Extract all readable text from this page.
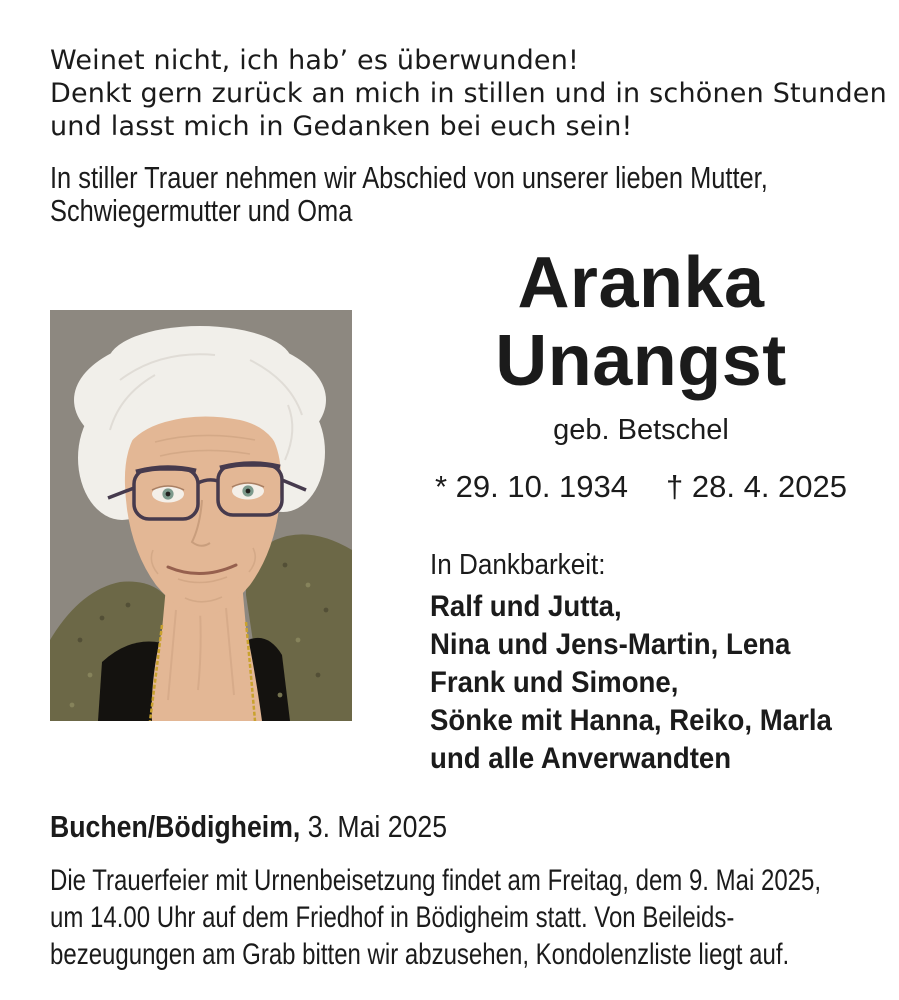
Weinet nicht, ich hab’ es überwunden!
Denkt gern zurück an mich in stillen und in schönen Stunden
und lasst mich in Gedanken bei euch sein!
In stiller Trauer nehmen wir Abschied von unserer lieben Mutter,
Schwiegermutter und Oma
Aranka
Unangst
geb. Betschel
* 29. 10. 1934 † 28. 4. 2025
In Dankbarkeit:
Ralf und Jutta,
Nina und Jens-Martin, Lena
Frank und Simone,
Sönke mit Hanna, Reiko, Marla
und alle Anverwandten
Buchen/Bödigheim, 3. Mai 2025
Die Trauerfeier mit Urnenbeisetzung findet am Freitag, dem 9. Mai 2025,
um 14.00 Uhr auf dem Friedhof in Bödigheim statt. Von Beileids-
bezeugungen am Grab bitten wir abzusehen, Kondolenzliste liegt auf.
